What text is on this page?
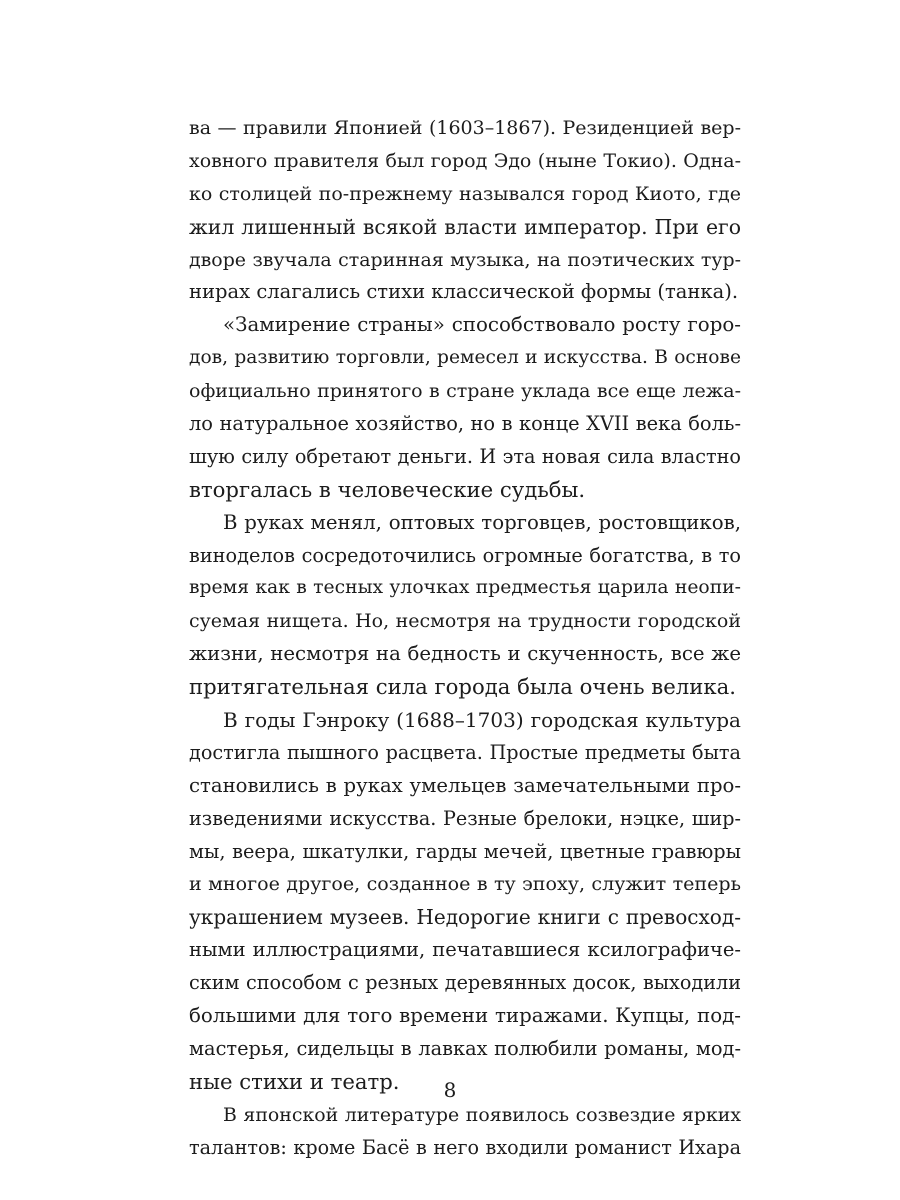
ва — правили Японией (1603–1867). Резиденцией вер-
ховного правителя был город Эдо (ныне Токио). Одна-
ко столицей по-прежнему назывался город Киото, где
жил лишенный всякой власти император. При его
дворе звучала старинная музыка, на поэтических тур-
нирах слагались стихи классической формы (танка).
«Замирение страны» способствовало росту горо-
дов, развитию торговли, ремесел и искусства. В основе
официально принятого в стране уклада все еще лежа-
ло натуральное хозяйство, но в конце XVII века боль-
шую силу обретают деньги. И эта новая сила властно
вторгалась в человеческие судьбы.
В руках менял, оптовых торговцев, ростовщиков,
виноделов сосредоточились огромные богатства, в то
время как в тесных улочках предместья царила неопи-
суемая нищета. Но, несмотря на трудности городской
жизни, несмотря на бедность и скученность, все же
притягательная сила города была очень велика.
В годы Гэнроку (1688–1703) городская культура
достигла пышного расцвета. Простые предметы быта
становились в руках умельцев замечательными про-
изведениями искусства. Резные брелоки, нэцке, шир-
мы, веера, шкатулки, гарды мечей, цветные гравюры
и многое другое, созданное в ту эпоху, служит теперь
украшением музеев. Недорогие книги с превосход-
ными иллюстрациями, печатавшиеся ксилографиче-
ским способом с резных деревянных досок, выходили
большими для того времени тиражами. Купцы, под-
мастерья, сидельцы в лавках полюбили романы, мод-
ные стихи и театр.
В японской литературе появилось созвездие ярких
талантов: кроме Басё в него входили романист Ихара
8
